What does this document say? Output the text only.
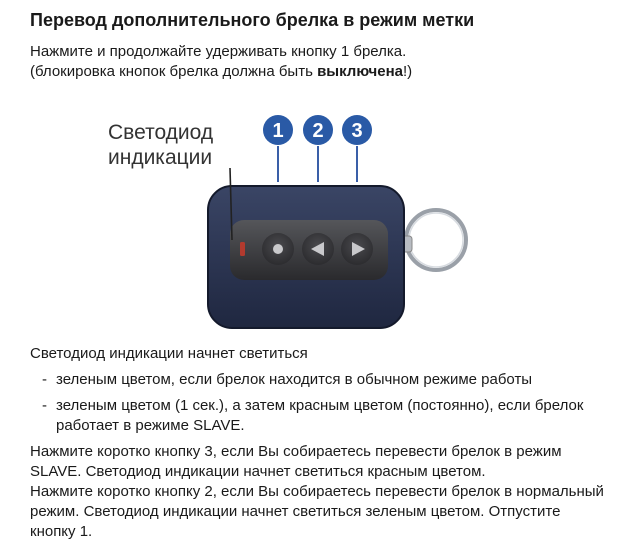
Перевод дополнительного брелка в режим метки
Нажмите и продолжайте удерживать кнопку 1 брелка.
(блокировка кнопок брелка должна быть выключена!)
Светодиод
индикации
1 2 3

Светодиод индикации начнет светиться

- зеленым цветом, если брелок находится в обычном режиме работы

- зеленым цветом (1 сек.), а затем красным цветом (постоянно), если брелок работает в режиме SLAVE.

Нажмите коротко кнопку 3, если Вы собираетесь перевести брелок в режим SLAVE. Светодиод индикации начнет светиться красным цветом.

Нажмите коротко кнопку 2, если Вы собираетесь перевести брелок в нормальный режим. Светодиод индикации начнет светиться зеленым цветом. Отпустите кнопку 1.
